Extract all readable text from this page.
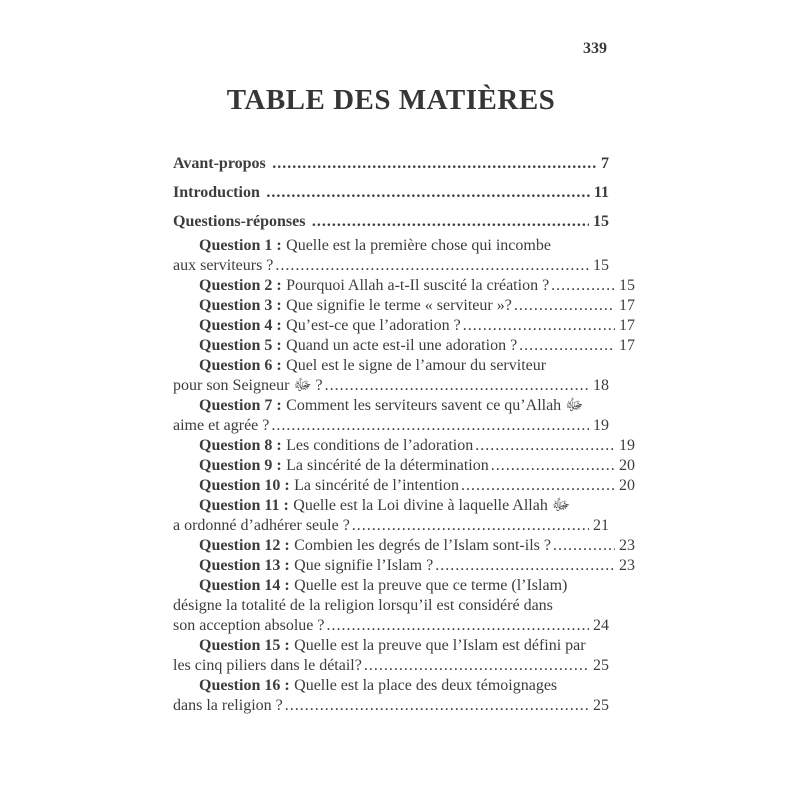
339
TABLE DES MATIÈRES
Avant-propos .....	7
Introduction .....	11
Questions-réponses .....	15
Question 1 : Quelle est la première chose qui incombe
aux serviteurs ? .....	15
Question 2 : Pourquoi Allah a-t-Il suscité la création ? .....	15
Question 3 : Que signifie le terme « serviteur »? .....	17
Question 4 : Qu’est-ce que l’adoration ? .....	17
Question 5 : Quand un acte est-il une adoration ? .....	17
Question 6 : Quel est le signe de l’amour du serviteur
pour son Seigneur ﷻ ? .....	18
Question 7 : Comment les serviteurs savent ce qu’Allah ﷻ
aime et agrée ? .....	19
Question 8 : Les conditions de l’adoration .....	19
Question 9 : La sincérité de la détermination .....	20
Question 10 : La sincérité de l’intention .....	20
Question 11 : Quelle est la Loi divine à laquelle Allah ﷻ
a ordonné d’adhérer seule ? .....	21
Question 12 : Combien les degrés de l’Islam sont-ils ? .....	23
Question 13 : Que signifie l’Islam ? .....	23
Question 14 : Quelle est la preuve que ce terme (l’Islam)
désigne la totalité de la religion lorsqu’il est considéré dans
son acception absolue ? .....	24
Question 15 : Quelle est la preuve que l’Islam est défini par
les cinq piliers dans le détail? .....	25
Question 16 : Quelle est la place des deux témoignages
dans la religion ? .....	25
